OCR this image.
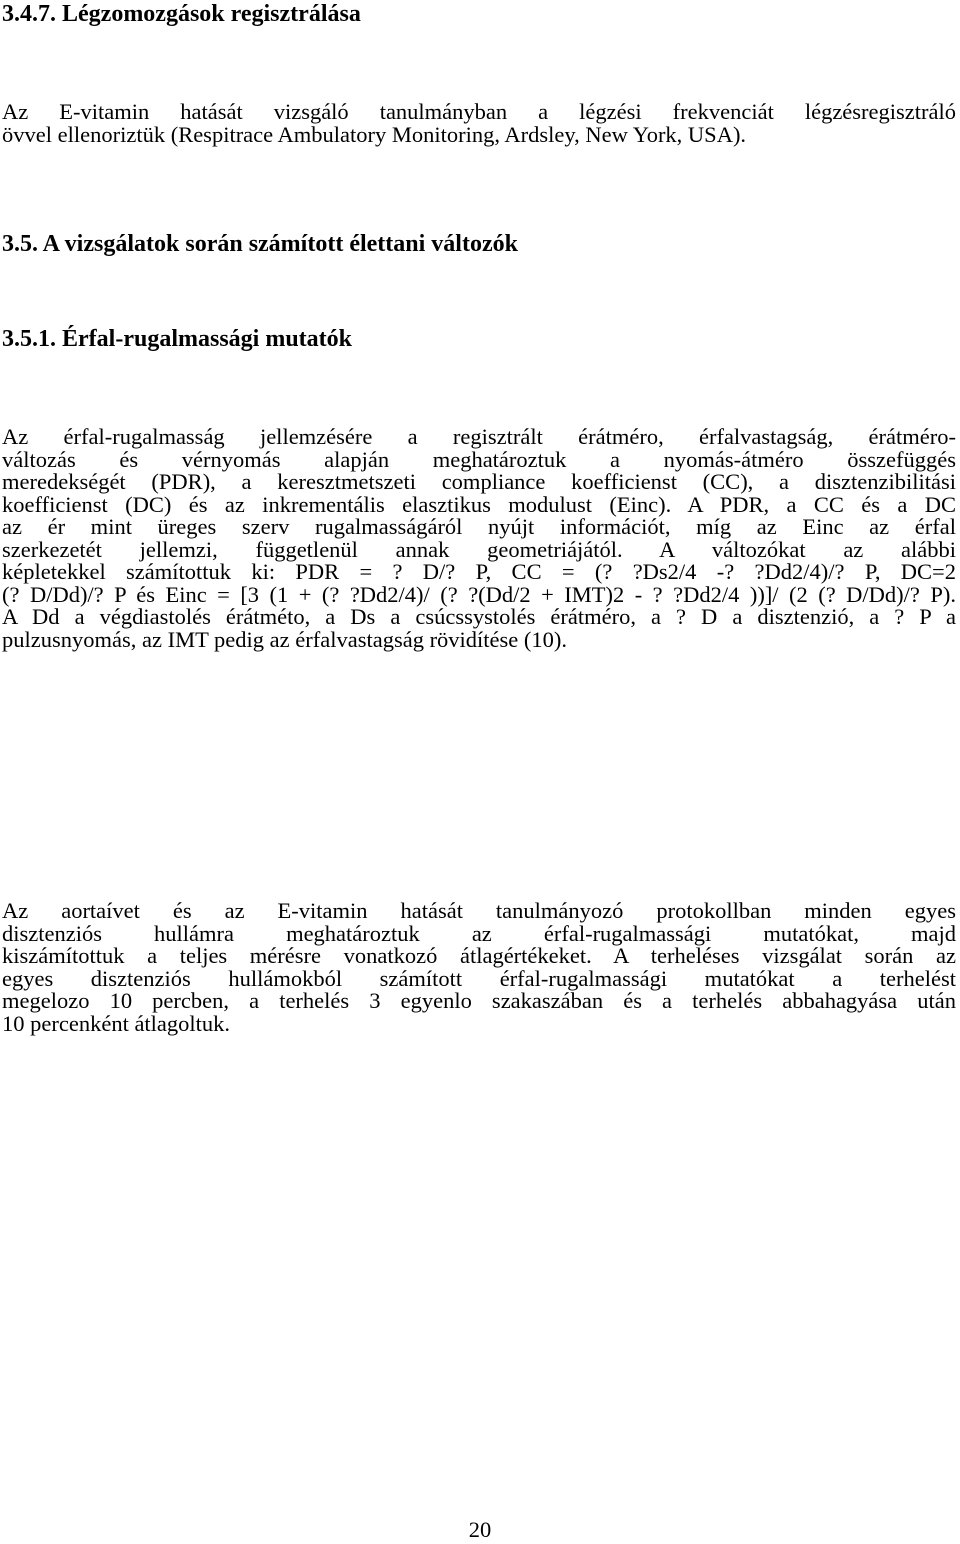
3.4.7. Légzomozgások regisztrálása
Az E-vitamin hatását vizsgáló tanulmányban a légzési frekvenciát légzésregisztráló
övvel ellenoriztük (Respitrace Ambulatory Monitoring, Ardsley, New York, USA).
3.5. A vizsgálatok során számított élettani változók
3.5.1. Érfal-rugalmassági mutatók
Az érfal-rugalmasság jellemzésére a regisztrált érátméro, érfalvastagság, érátméro-
változás és vérnyomás alapján meghatároztuk a nyomás-átméro összefüggés
meredekségét (PDR), a keresztmetszeti compliance koefficienst (CC), a disztenzibilitási
koefficienst (DC) és az inkrementális elasztikus modulust (Einc). A PDR, a CC és a DC
az ér mint üreges szerv rugalmasságáról nyújt információt, míg az Einc az érfal
szerkezetét jellemzi, függetlenül annak geometriájától. A változókat az alábbi
képletekkel számítottuk ki: PDR = ? D/? P, CC = (? ?Ds2/4 -? ?Dd2/4)/? P, DC=2
(? D/Dd)/? P és Einc = [3 (1 + (? ?Dd2/4)/ (? ?(Dd/2 + IMT)2 - ? ?Dd2/4 ))]/ (2 (? D/Dd)/? P).
A Dd a végdiastolés érátméto, a Ds a csúcssystolés érátméro, a ? D a disztenzió, a ? P a
pulzusnyomás, az IMT pedig az érfalvastagság rövidítése (10).
Az aortaívet és az E-vitamin hatását tanulmányozó protokollban minden egyes
disztenziós hullámra meghatároztuk az érfal-rugalmassági mutatókat, majd
kiszámítottuk a teljes mérésre vonatkozó átlagértékeket. A terheléses vizsgálat során az
egyes disztenziós hullámokból számított érfal-rugalmassági mutatókat a terhelést
megelozo 10 percben, a terhelés 3 egyenlo szakaszában és a terhelés abbahagyása után
10 percenként átlagoltuk.
20
